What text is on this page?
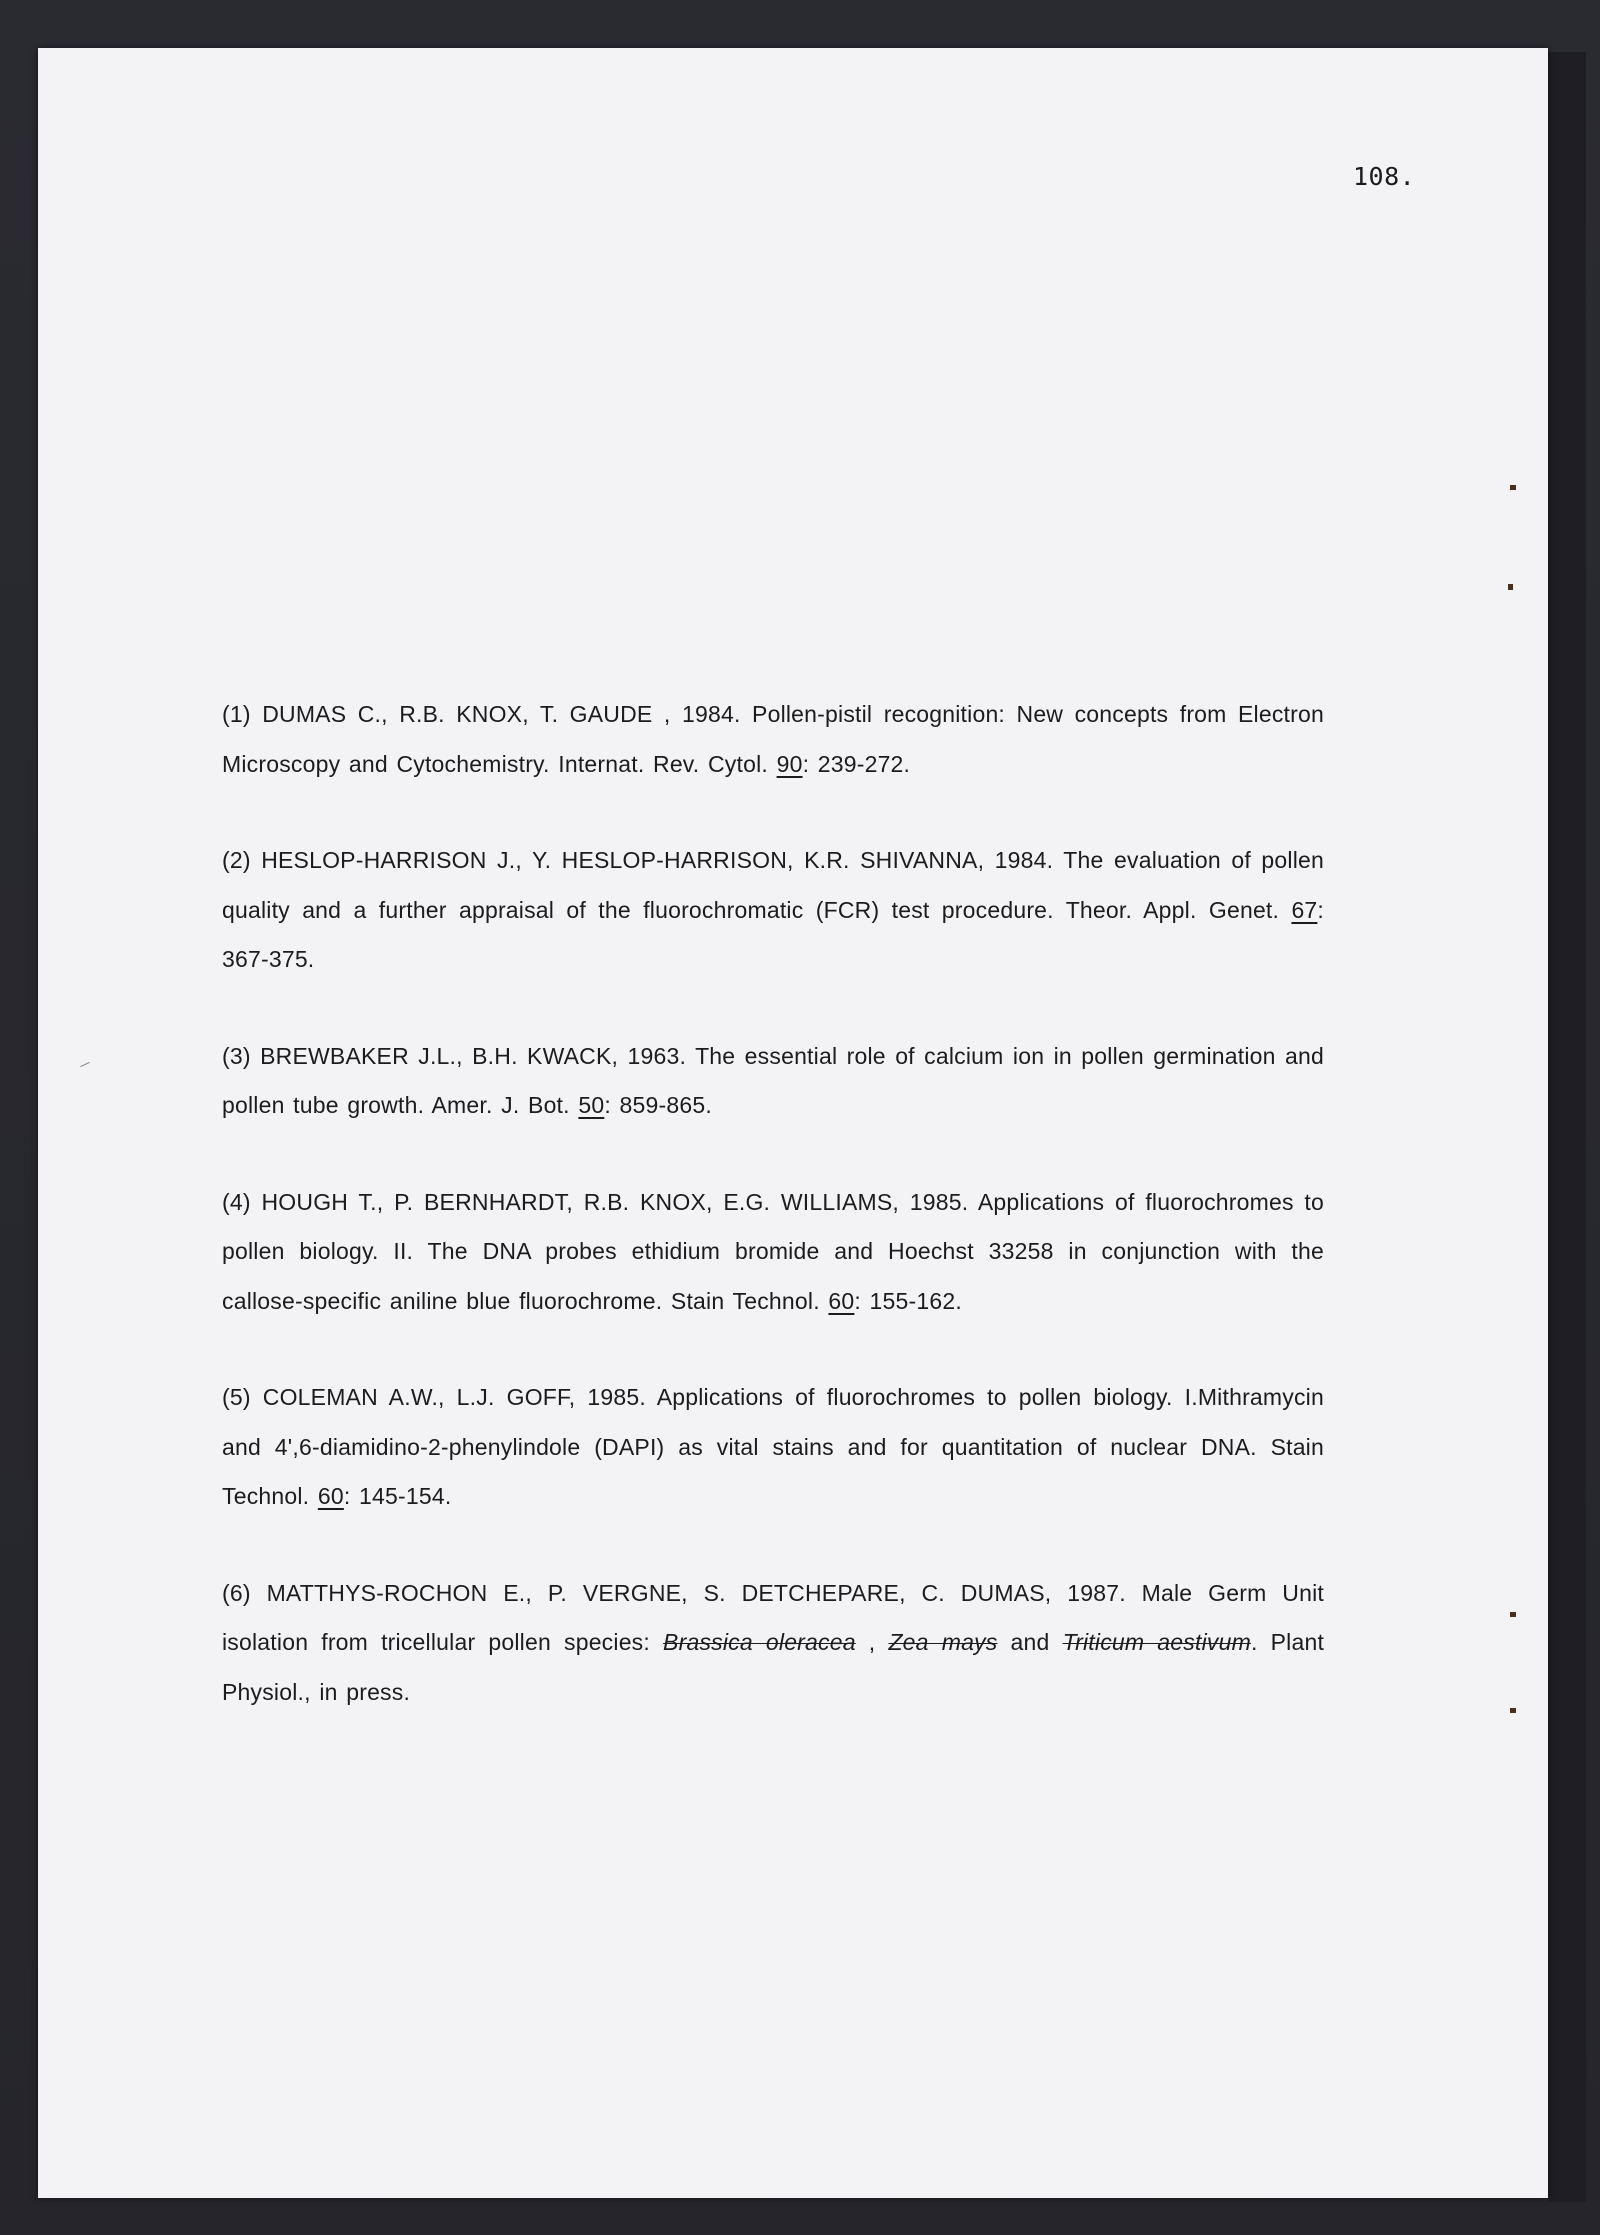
108.

(1) DUMAS C., R.B. KNOX, T. GAUDE , 1984. Pollen-pistil recognition: New concepts from Electron Microscopy and Cytochemistry. Internat. Rev. Cytol. 90: 239-272.

(2) HESLOP-HARRISON J., Y. HESLOP-HARRISON, K.R. SHIVANNA, 1984. The evaluation of pollen quality and a further appraisal of the fluorochromatic (FCR) test procedure. Theor. Appl. Genet. 67: 367-375.

(3) BREWBAKER J.L., B.H. KWACK, 1963. The essential role of calcium ion in pollen germination and pollen tube growth. Amer. J. Bot. 50: 859-865.

(4) HOUGH T., P. BERNHARDT, R.B. KNOX, E.G. WILLIAMS, 1985. Applications of fluorochromes to pollen biology. II. The DNA probes ethidium bromide and Hoechst 33258 in conjunction with the callose-specific aniline blue fluorochrome. Stain Technol. 60: 155-162.

(5) COLEMAN A.W., L.J. GOFF, 1985. Applications of fluorochromes to pollen biology. I.Mithramycin and 4',6-diamidino-2-phenylindole (DAPI) as vital stains and for quantitation of nuclear DNA. Stain Technol. 60: 145-154.

(6) MATTHYS-ROCHON E., P. VERGNE, S. DETCHEPARE, C. DUMAS, 1987. Male Germ Unit isolation from tricellular pollen species: Brassica oleracea , Zea mays and Triticum aestivum. Plant Physiol., in press.
